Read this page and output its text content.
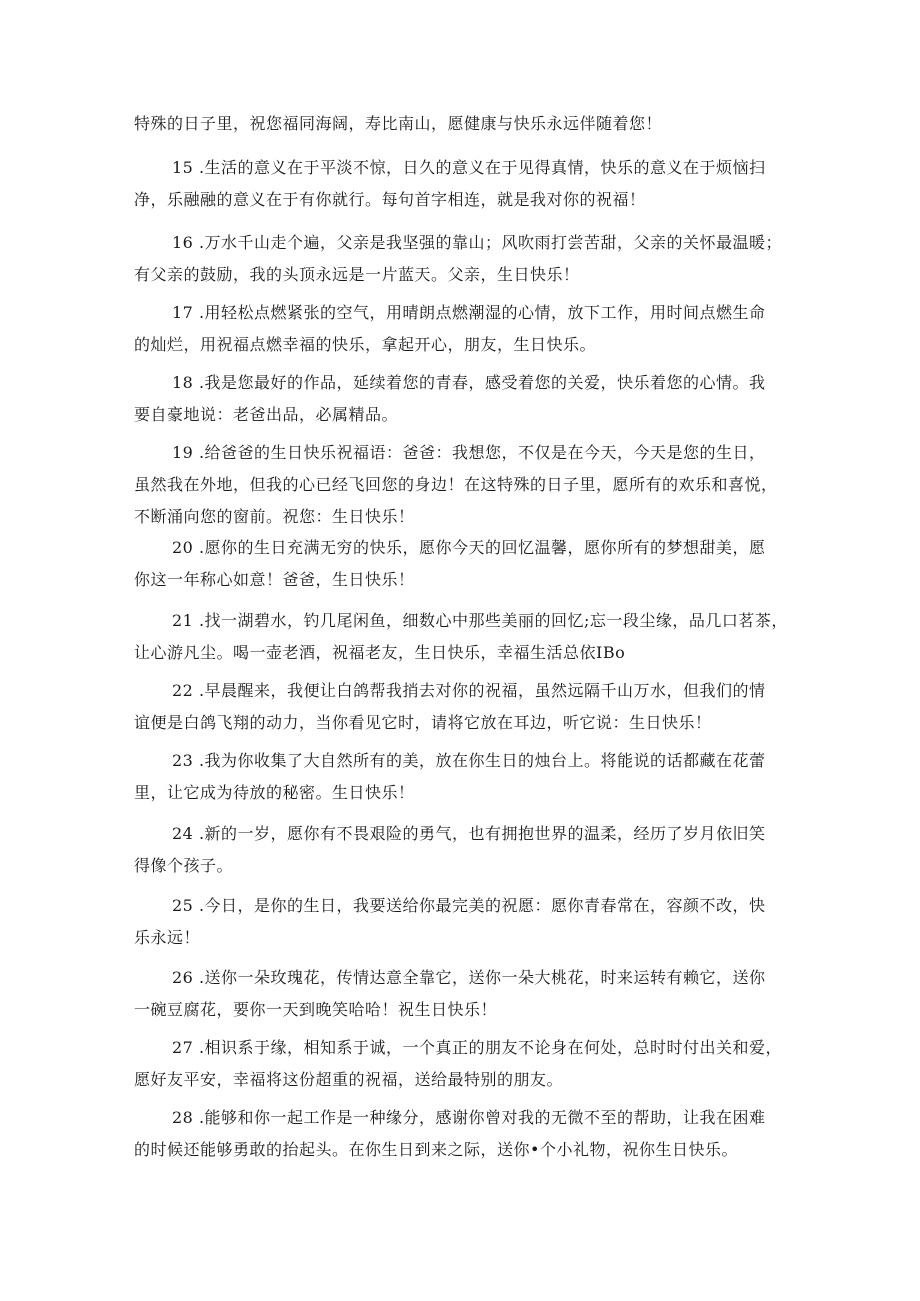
特殊的日子里，祝您福同海阔，寿比南山，愿健康与快乐永远伴随着您！

15 .生活的意义在于平淡不惊，日久的意义在于见得真情，快乐的意义在于烦恼扫
净，乐融融的意义在于有你就行。每句首字相连，就是我对你的祝福！

16 .万水千山走个遍，父亲是我坚强的靠山；风吹雨打尝苦甜，父亲的关怀最温暖；
有父亲的鼓励，我的头顶永远是一片蓝天。父亲，生日快乐！

17 .用轻松点燃紧张的空气，用晴朗点燃潮湿的心情，放下工作，用时间点燃生命
的灿烂，用祝福点燃幸福的快乐，拿起开心，朋友，生日快乐。

18 .我是您最好的作品，延续着您的青春，感受着您的关爱，快乐着您的心情。我
要自豪地说：老爸出品，必属精品。

19 .给爸爸的生日快乐祝福语：爸爸：我想您，不仅是在今天，今天是您的生日，
虽然我在外地，但我的心已经飞回您的身边！在这特殊的日子里，愿所有的欢乐和喜悦，
不断涌向您的窗前。祝您：生日快乐！

20 .愿你的生日充满无穷的快乐，愿你今天的回忆温馨，愿你所有的梦想甜美，愿
你这一年称心如意！爸爸，生日快乐！

21 .找一湖碧水，钓几尾闲鱼，细数心中那些美丽的回忆;忘一段尘缘，品几口茗茶，
让心游凡尘。喝一壶老酒，祝福老友，生日快乐，幸福生活总依IBo

22 .早晨醒来，我便让白鸽帮我捎去对你的祝福，虽然远隔千山万水，但我们的情
谊便是白鸽飞翔的动力，当你看见它时，请将它放在耳边，听它说：生日快乐！

23 .我为你收集了大自然所有的美，放在你生日的烛台上。将能说的话都藏在花蕾
里，让它成为待放的秘密。生日快乐！

24 .新的一岁，愿你有不畏艰险的勇气，也有拥抱世界的温柔，经历了岁月依旧笑
得像个孩子。

25 .今日，是你的生日，我要送给你最完美的祝愿：愿你青春常在，容颜不改，快
乐永远！

26 .送你一朵玫瑰花，传情达意全靠它，送你一朵大桃花，时来运转有赖它，送你
一碗豆腐花，要你一天到晚笑哈哈！祝生日快乐！

27 .相识系于缘，相知系于诚，一个真正的朋友不论身在何处，总时时付出关和爱，
愿好友平安，幸福将这份超重的祝福，送给最特别的朋友。

28 .能够和你一起工作是一种缘分，感谢你曾对我的无微不至的帮助，让我在困难
的时候还能够勇敢的抬起头。在你生日到来之际，送你•个小礼物，祝你生日快乐。
